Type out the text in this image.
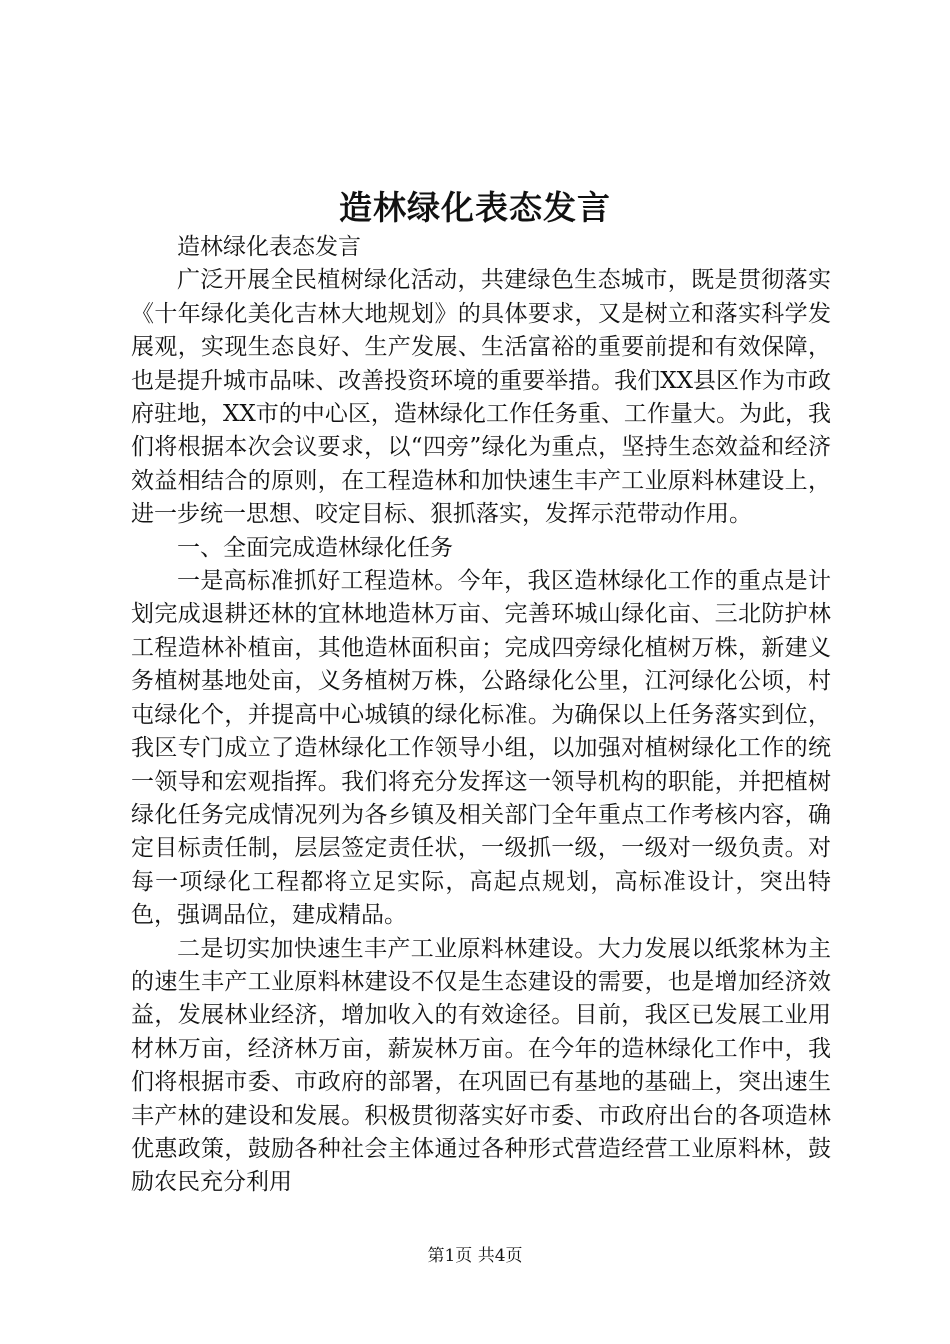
造林绿化表态发言

造林绿化表态发言

广泛开展全民植树绿化活动，共建绿色生态城市，既是贯彻落实《十年绿化美化吉林大地规划》的具体要求，又是树立和落实科学发展观，实现生态良好、生产发展、生活富裕的重要前提和有效保障，也是提升城市品味、改善投资环境的重要举措。我们XX县区作为市政府驻地，XX市的中心区，造林绿化工作任务重、工作量大。为此，我们将根据本次会议要求，以“四旁”绿化为重点，坚持生态效益和经济效益相结合的原则，在工程造林和加快速生丰产工业原料林建设上，进一步统一思想、咬定目标、狠抓落实，发挥示范带动作用。

一、全面完成造林绿化任务

一是高标准抓好工程造林。今年，我区造林绿化工作的重点是计划完成退耕还林的宜林地造林万亩、完善环城山绿化亩、三北防护林工程造林补植亩，其他造林面积亩；完成四旁绿化植树万株，新建义务植树基地处亩，义务植树万株，公路绿化公里，江河绿化公顷，村屯绿化个，并提高中心城镇的绿化标准。为确保以上任务落实到位，我区专门成立了造林绿化工作领导小组，以加强对植树绿化工作的统一领导和宏观指挥。我们将充分发挥这一领导机构的职能，并把植树绿化任务完成情况列为各乡镇及相关部门全年重点工作考核内容，确定目标责任制，层层签定责任状，一级抓一级，一级对一级负责。对每一项绿化工程都将立足实际，高起点规划，高标准设计，突出特色，强调品位，建成精品。

二是切实加快速生丰产工业原料林建设。大力发展以纸浆林为主的速生丰产工业原料林建设不仅是生态建设的需要，也是增加经济效益，发展林业经济，增加收入的有效途径。目前，我区已发展工业用材林万亩，经济林万亩，薪炭林万亩。在今年的造林绿化工作中，我们将根据市委、市政府的部署，在巩固已有基地的基础上，突出速生丰产林的建设和发展。积极贯彻落实好市委、市政府出台的各项造林优惠政策，鼓励各种社会主体通过各种形式营造经营工业原料林，鼓励农民充分利用

第1页 共4页
